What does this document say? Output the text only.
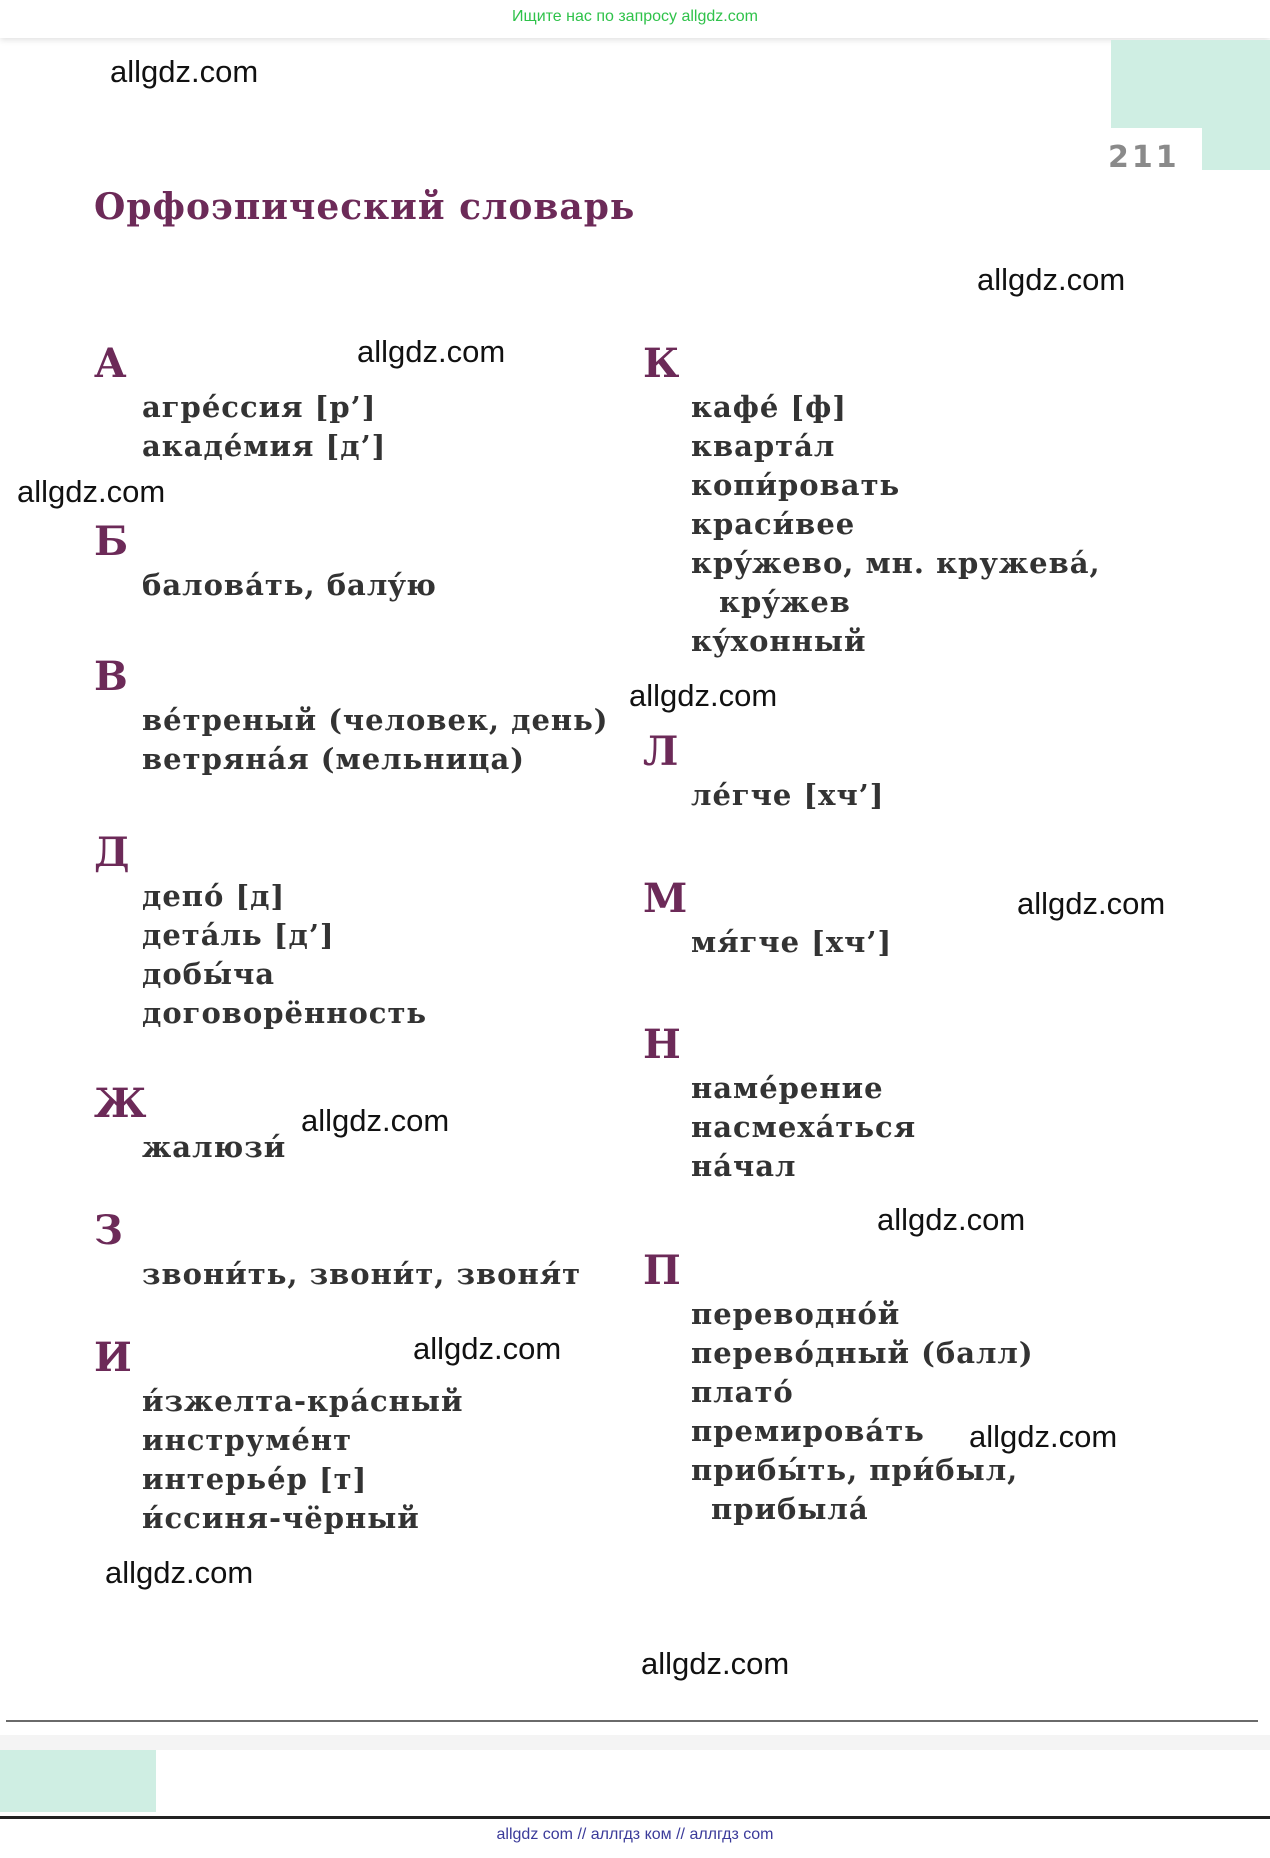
Ищите нас по запросу allgdz.com
211
Орфоэпический словарь
А
агрéссия [р’]
акадéмия [д’]
Б
баловáть, балýю
В
вéтреный (человек, день)
ветрянáя (мельница)
Д
депó [д]
детáль [д’]
добы́ча
договорённость
Ж
жалюзи́
З
звони́ть, звони́т, звоня́т
И
и́зжелта-крáсный
инструмéнт
интерьéр [т]
и́ссиня-чёрный
К
кафé [ф]
квартáл
копи́ровать
краси́вее
крýжево, мн. кружевá,
крýжев
кýхонный
Л
лéгче [хч’]
М
мя́гче [хч’]
Н
намéрение
насмехáться
нáчал
П
переводнóй
перевóдный (балл)
платó
премировáть
прибы́ть, при́был,
прибылá
allgdz.com
allgdz.com
allgdz.com
allgdz.com
allgdz.com
allgdz.com
allgdz.com
allgdz.com
allgdz.com
allgdz.com
allgdz.com
allgdz.com
allgdz com // аллгдз ком // аллгдз com
